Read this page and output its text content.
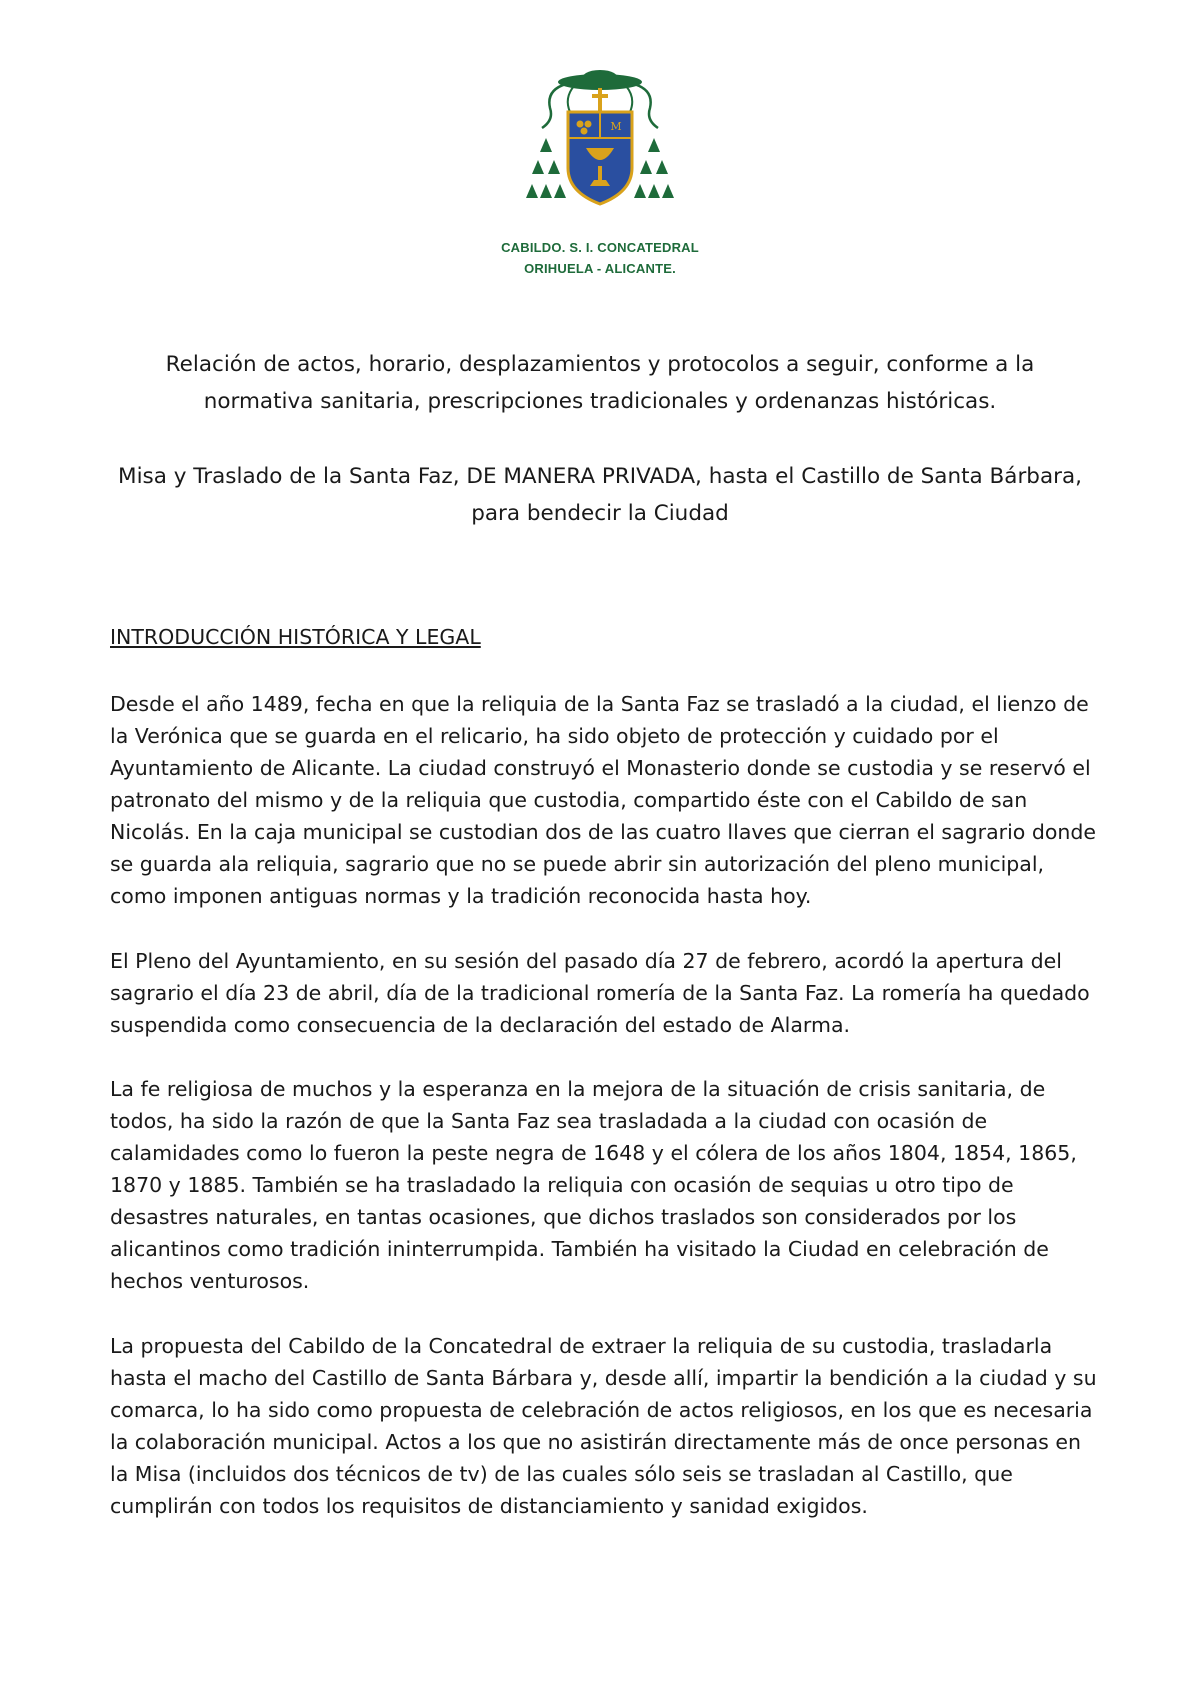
M
CABILDO. S. I. CONCATEDRAL
ORIHUELA - ALICANTE.

Relación de actos, horario, desplazamientos y protocolos a seguir, conforme a la normativa sanitaria, prescripciones tradicionales y ordenanzas históricas.

Misa y Traslado de la Santa Faz, DE MANERA PRIVADA, hasta el Castillo de Santa Bárbara, para bendecir la Ciudad

INTRODUCCIÓN HISTÓRICA Y LEGAL

Desde el año 1489, fecha en que la reliquia de la Santa Faz se trasladó a la ciudad, el lienzo de la Verónica que se guarda en el relicario, ha sido objeto de protección y cuidado por el Ayuntamiento de Alicante. La ciudad construyó el Monasterio donde se custodia y se reservó el patronato del mismo y de la reliquia que custodia, compartido éste con el Cabildo de san Nicolás. En la caja municipal se custodian dos de las cuatro llaves que cierran el sagrario donde se guarda ala reliquia, sagrario que no se puede abrir sin autorización del pleno municipal, como imponen antiguas normas y la tradición reconocida hasta hoy.

El Pleno del Ayuntamiento, en su sesión del pasado día 27 de febrero, acordó la apertura del sagrario el día 23 de abril, día de la tradicional romería de la Santa Faz. La romería ha quedado suspendida como consecuencia de la declaración del estado de Alarma.

La fe religiosa de muchos y la esperanza en la mejora de la situación de crisis sanitaria, de todos, ha sido la razón de que la Santa Faz sea trasladada a la ciudad con ocasión de calamidades como lo fueron la peste negra de 1648 y el cólera de los años 1804, 1854, 1865, 1870 y 1885. También se ha trasladado la reliquia con ocasión de sequias u otro tipo de desastres naturales, en tantas ocasiones, que dichos traslados son considerados por los alicantinos como tradición ininterrumpida. También ha visitado la Ciudad en celebración de hechos venturosos.

La propuesta del Cabildo de la Concatedral de extraer la reliquia de su custodia, trasladarla hasta el macho del Castillo de Santa Bárbara y, desde allí, impartir la bendición a la ciudad y su comarca, lo ha sido como propuesta de celebración de actos religiosos, en los que es necesaria la colaboración municipal. Actos a los que no asistirán directamente más de once personas en la Misa (incluidos dos técnicos de tv) de las cuales sólo seis se trasladan al Castillo, que cumplirán con todos los requisitos de distanciamiento y sanidad exigidos.
